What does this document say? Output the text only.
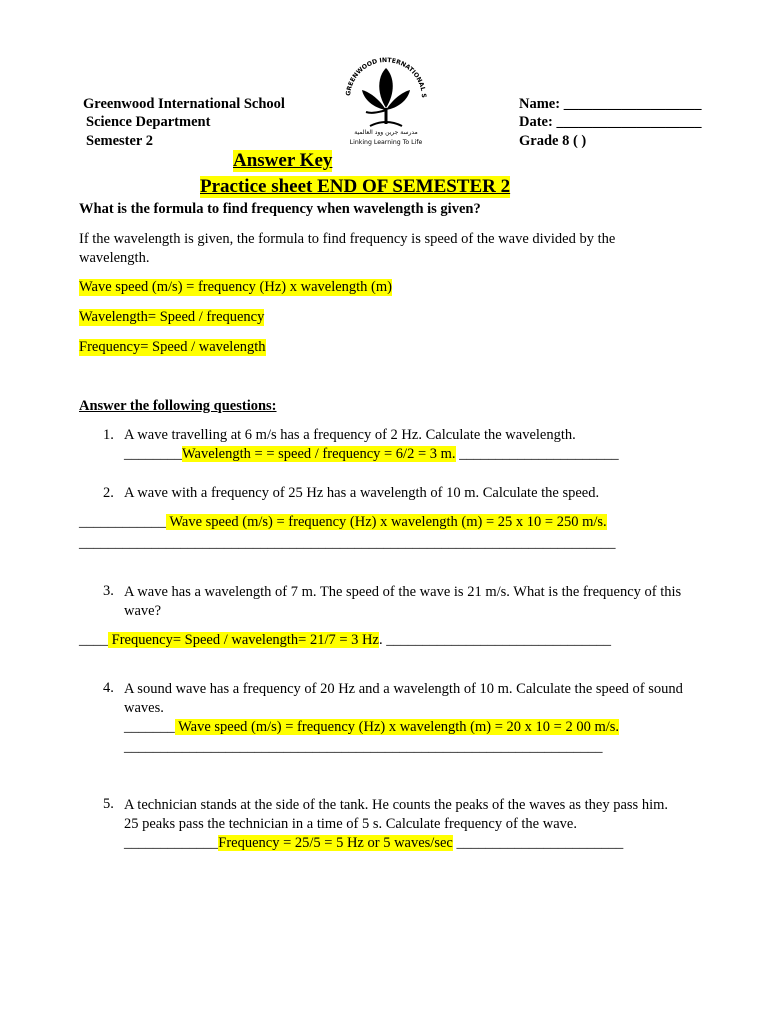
Greenwood International School
Science Department
Semester 2
GREENWOOD INTERNATIONAL S
مدرسة جرين وود العالمية
Linking Learning To Life
Name: ___________________
Date: ____________________
Grade 8 ( )
Answer Key
Practice sheet END OF SEMESTER 2
What is the formula to find frequency when wavelength is given?
If the wavelength is given, the formula to find frequency is speed of the wave divided by the wavelength.
Wave speed (m/s) = frequency (Hz) x wavelength (m)
Wavelength= Speed / frequency
Frequency= Speed / wavelength
Answer the following questions:
1. A wave travelling at 6 m/s has a frequency of 2 Hz. Calculate the wavelength.
________Wavelength = = speed / frequency = 6/2 = 3 m. ______________________
2. A wave with a frequency of 25 Hz has a wavelength of 10 m. Calculate the speed.
____________ Wave speed (m/s) = frequency (Hz) x wavelength (m) = 25 x 10 = 250 m/s.
__________________________________________________________________________
3. A wave has a wavelength of 7 m. The speed of the wave is 21 m/s. What is the frequency of this wave?
____ Frequency= Speed / wavelength= 21/7 = 3 Hz. _______________________________
4. A sound wave has a frequency of 20 Hz and a wavelength of 10 m. Calculate the speed of sound waves.
_______ Wave speed (m/s) = frequency (Hz) x wavelength (m) = 20 x 10 = 2 00 m/s.
__________________________________________________________________
5. A technician stands at the side of the tank. He counts the peaks of the waves as they pass him. 25 peaks pass the technician in a time of 5 s. Calculate frequency of the wave.
_____________Frequency = 25/5 = 5 Hz or 5 waves/sec _______________________
